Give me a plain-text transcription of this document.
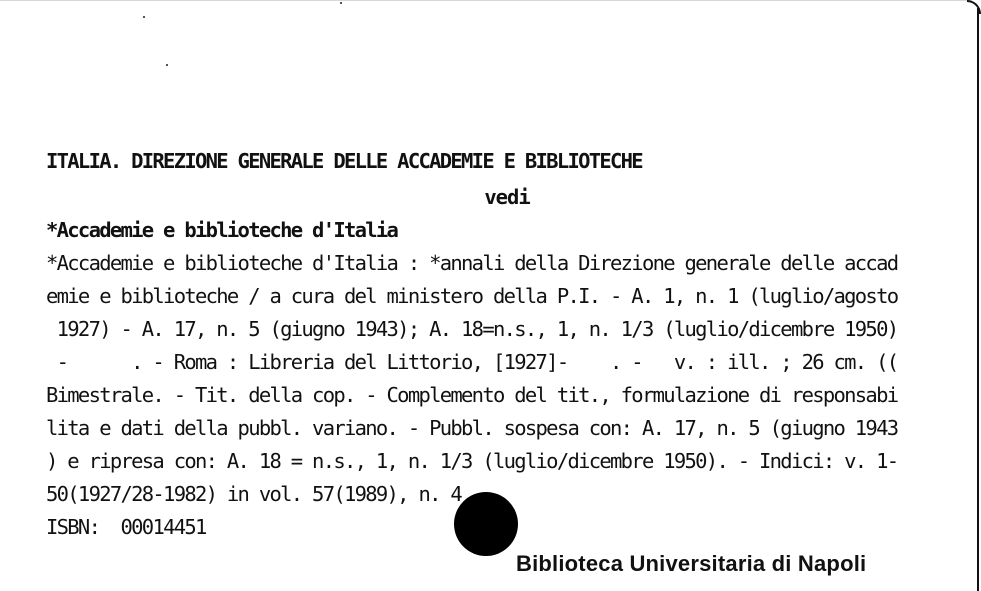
ITALIA. DIREZIONE GENERALE DELLE ACCADEMIE E BIBLIOTECHE
vedi
*Accademie e biblioteche d'Italia
*Accademie e biblioteche d'Italia : *annali della Direzione generale delle accad
emie e biblioteche / a cura del ministero della P.I. - A. 1, n. 1 (luglio/agosto
1927) - A. 17, n. 5 (giugno 1943); A. 18=n.s., 1, n. 1/3 (luglio/dicembre 1950)
-      . - Roma : Libreria del Littorio, [1927]-    . -   v. : ill. ; 26 cm. ((
Bimestrale. - Tit. della cop. - Complemento del tit., formulazione di responsabi
lita e dati della pubbl. variano. - Pubbl. sospesa con: A. 17, n. 5 (giugno 1943
) e ripresa con: A. 18 = n.s., 1, n. 1/3 (luglio/dicembre 1950). - Indici: v. 1-
50(1927/28-1982) in vol. 57(1989), n. 4
ISBN: 00014451
Biblioteca Universitaria di Napoli
